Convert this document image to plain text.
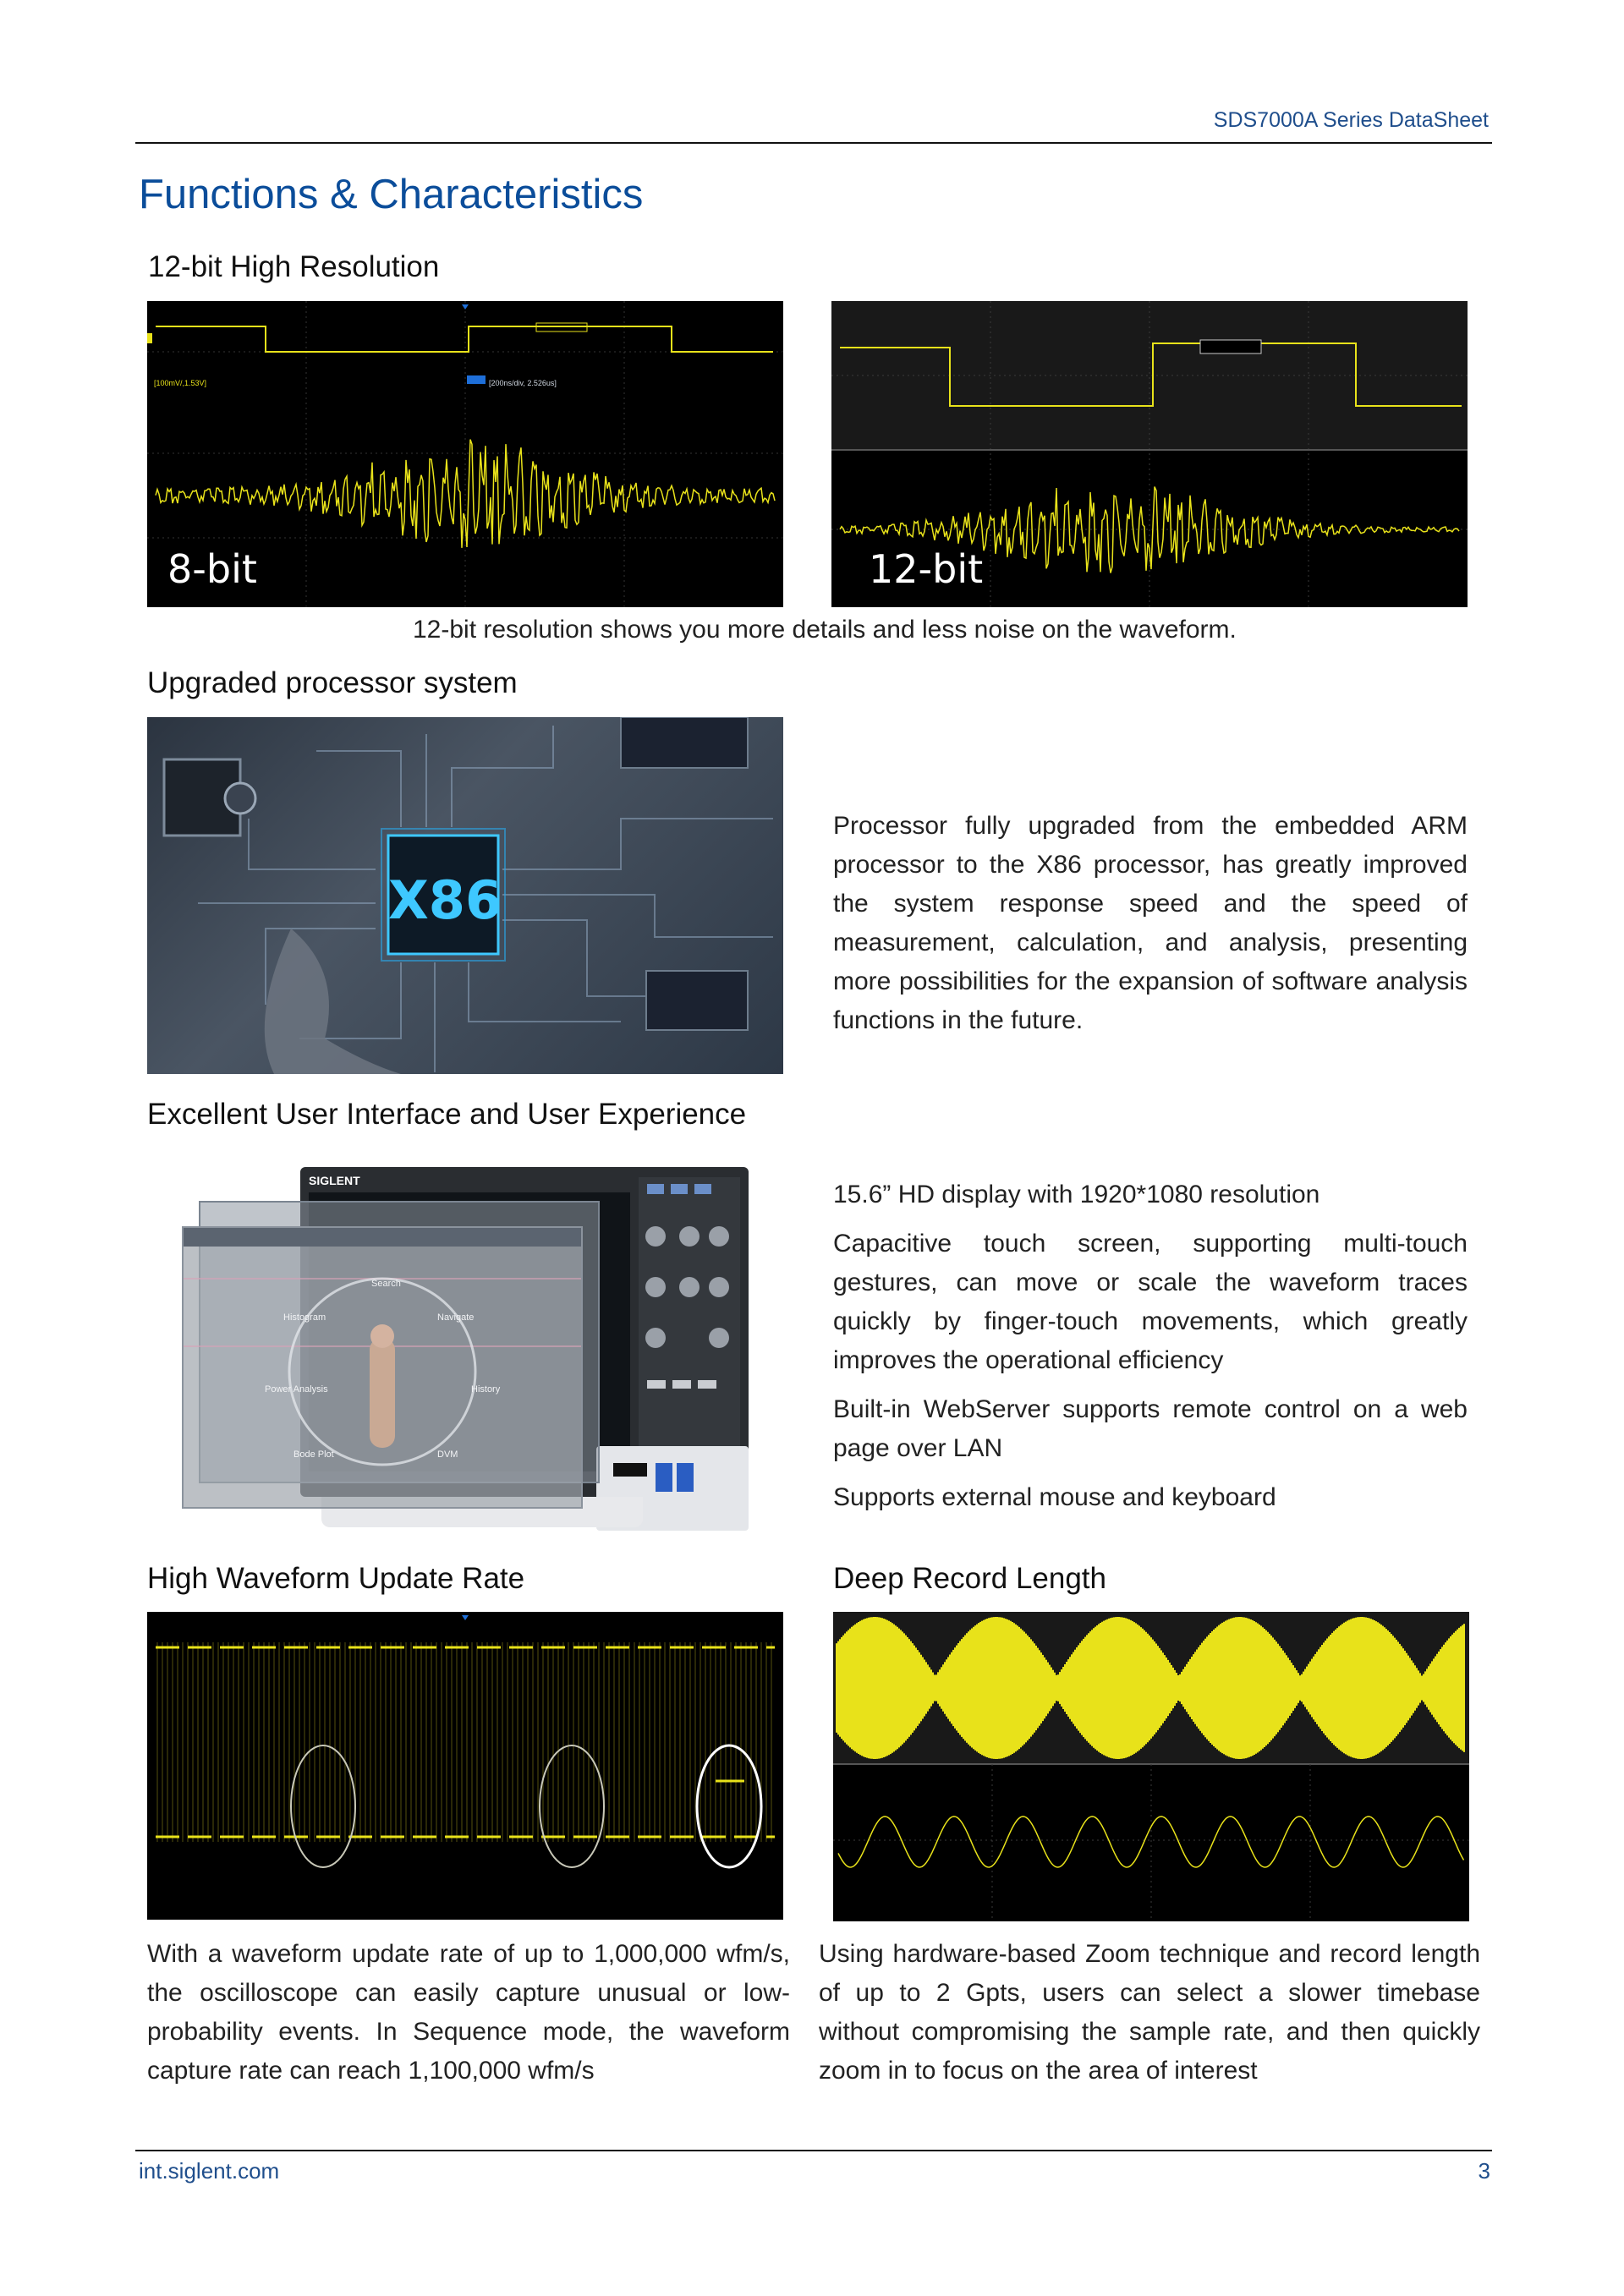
SDS7000A Series DataSheet
Functions & Characteristics
12-bit High Resolution
[100mV/,1.53V]	[200ns/div, 2.526us]
8-bit	12-bit
12-bit resolution shows you more details and less noise on the waveform.
Upgraded processor system
X86
Processor fully upgraded from the embedded ARM processor to the X86 processor, has greatly improved the system response speed and the speed of measurement, calculation, and analysis, presenting more possibilities for the expansion of software analysis functions in the future.
Excellent User Interface and User Experience
SIGLENT
Histogram	Navigate
Power Analysis	History
Bode Plot	DVM
Search
15.6” HD display with 1920*1080 resolution
Capacitive touch screen, supporting multi-touch gestures, can move or scale the waveform traces quickly by finger-touch movements, which greatly improves the operational efficiency
Built-in WebServer supports remote control on a web page over LAN
Supports external mouse and keyboard
High Waveform Update Rate	Deep Record Length
With a waveform update rate of up to 1,000,000 wfm/s, the oscilloscope can easily capture unusual or low-probability events. In Sequence mode, the waveform capture rate can reach 1,100,000 wfm/s
Using hardware-based Zoom technique and record length of up to 2 Gpts, users can select a slower timebase without compromising the sample rate, and then quickly zoom in to focus on the area of interest
int.siglent.com	3
